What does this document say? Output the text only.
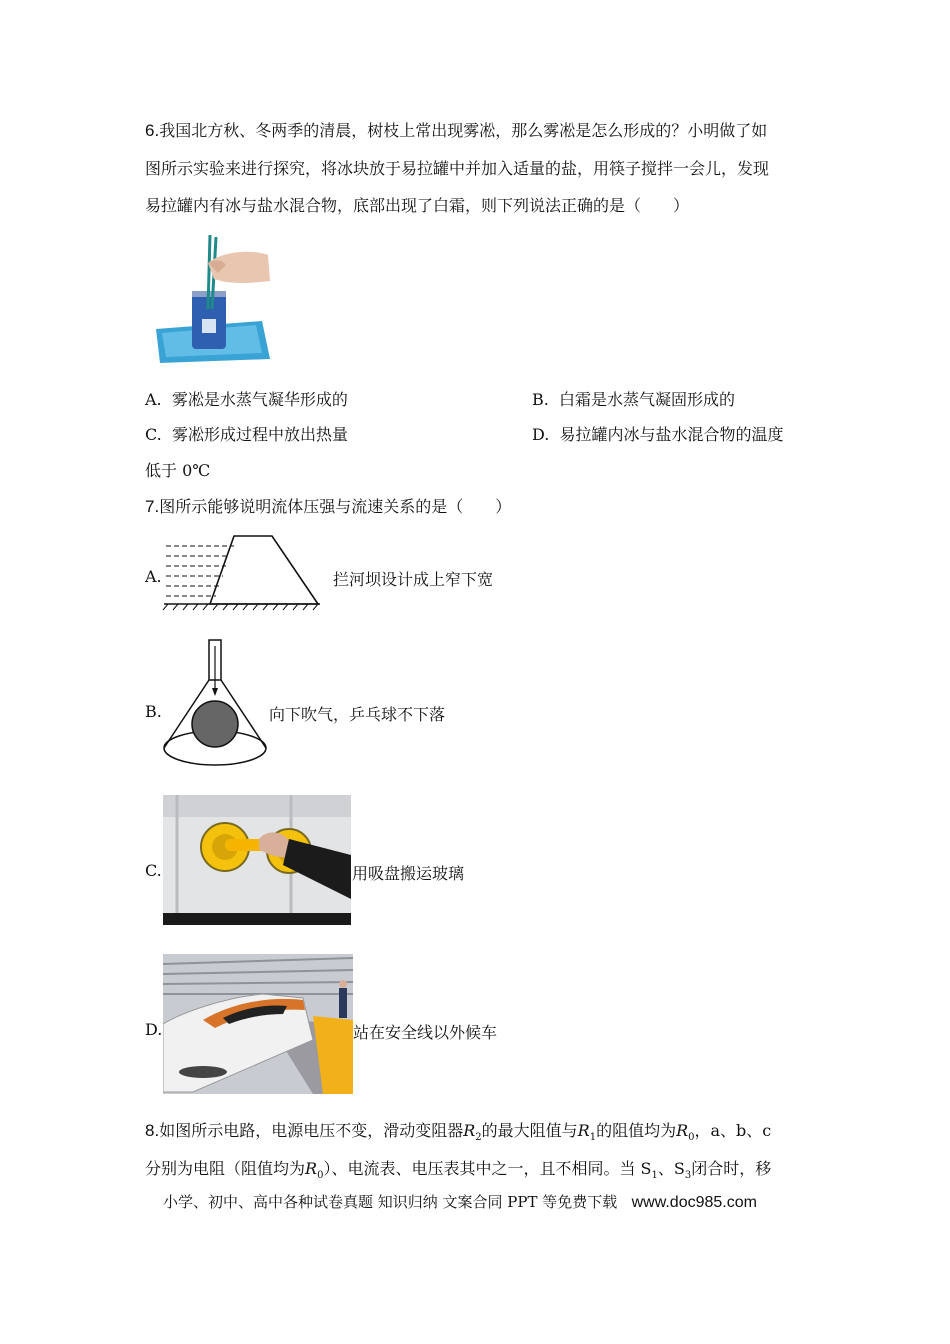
6.我国北方秋、冬两季的清晨，树枝上常出现雾凇，那么雾凇是怎么形成的？小明做了如
图所示实验来进行探究，将冰块放于易拉罐中并加入适量的盐，用筷子搅拌一会儿，发现
易拉罐内有冰与盐水混合物，底部出现了白霜，则下列说法正确的是（　　）
A. 雾凇是水蒸气凝华形成的	B. 白霜是水蒸气凝固形成的
C. 雾凇形成过程中放出热量	D. 易拉罐内冰与盐水混合物的温度
低于 0℃
7.图所示能够说明流体压强与流速关系的是（　　）
A.	拦河坝设计成上窄下宽
B.	向下吹气，乒乓球不下落
C.	用吸盘搬运玻璃
D.	站在安全线以外候车
8.如图所示电路，电源电压不变，滑动变阻器$R_2$的最大阻值与$R_1$的阻值均为$R_0$，a、b、c
分别为电阻（阻值均为$R_0$）、电流表、电压表其中之一，且不相同。当 $S_1$、$S_3$闭合时，移
小学、初中、高中各种试卷真题 知识归纳 文案合同 PPT 等免费下载 www.doc985.com
